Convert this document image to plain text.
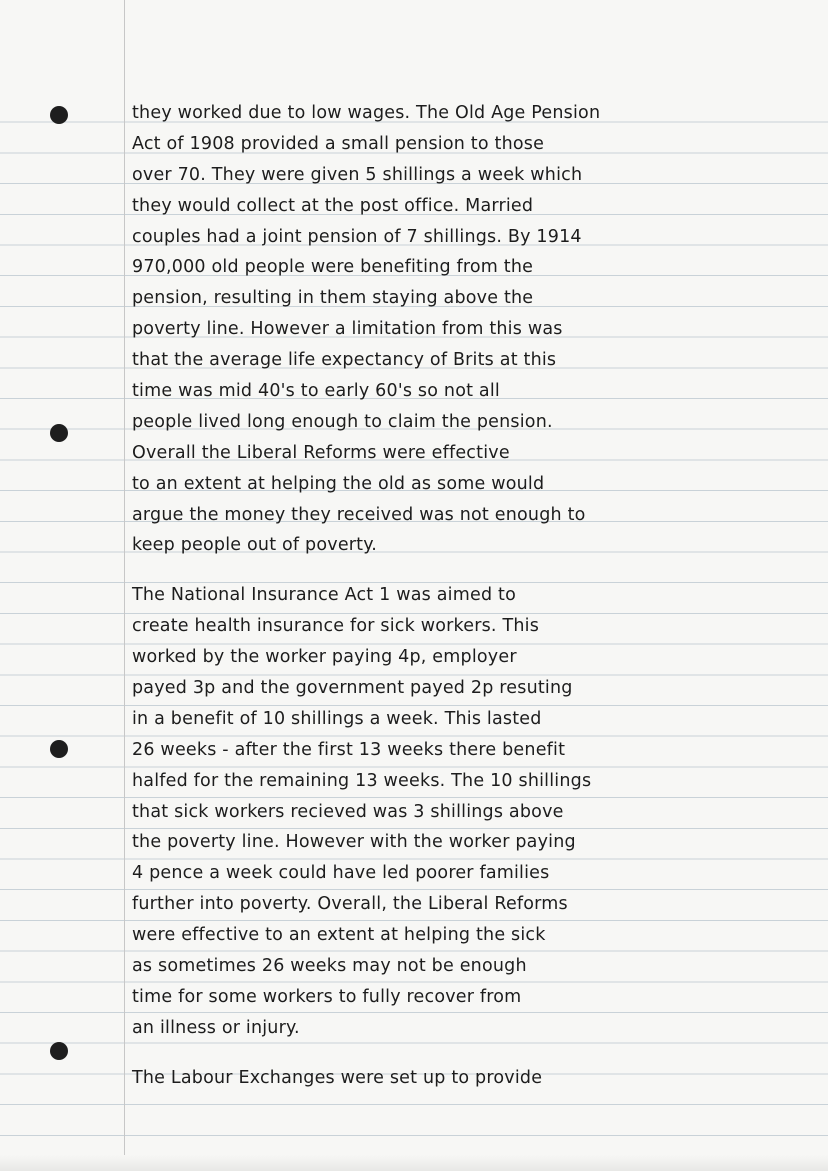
they worked due to low wages. The Old Age Pension
Act of 1908 provided a small pension to those
over 70. They were given 5 shillings a week which
they would collect at the post office. Married
couples had a joint pension of 7 shillings. By 1914
970,000 old people were benefiting from the
pension, resulting in them staying above the
poverty line. However a limitation from this was
that the average life expectancy of Brits at this
time was mid 40's to early 60's so not all
people lived long enough to claim the pension.
Overall the Liberal Reforms were effective
to an extent at helping the old as some would
argue the money they received was not enough to
keep people out of poverty.
The National Insurance Act 1 was aimed to
create health insurance for sick workers. This
worked by the worker paying 4p, employer
payed 3p and the government payed 2p resuting
in a benefit of 10 shillings a week. This lasted
26 weeks - after the first 13 weeks there benefit
halfed for the remaining 13 weeks. The 10 shillings
that sick workers recieved was 3 shillings above
the poverty line. However with the worker paying
4 pence a week could have led poorer families
further into poverty. Overall, the Liberal Reforms
were effective to an extent at helping the sick
as sometimes 26 weeks may not be enough
time for some workers to fully recover from
an illness or injury.
The Labour Exchanges were set up to provide
